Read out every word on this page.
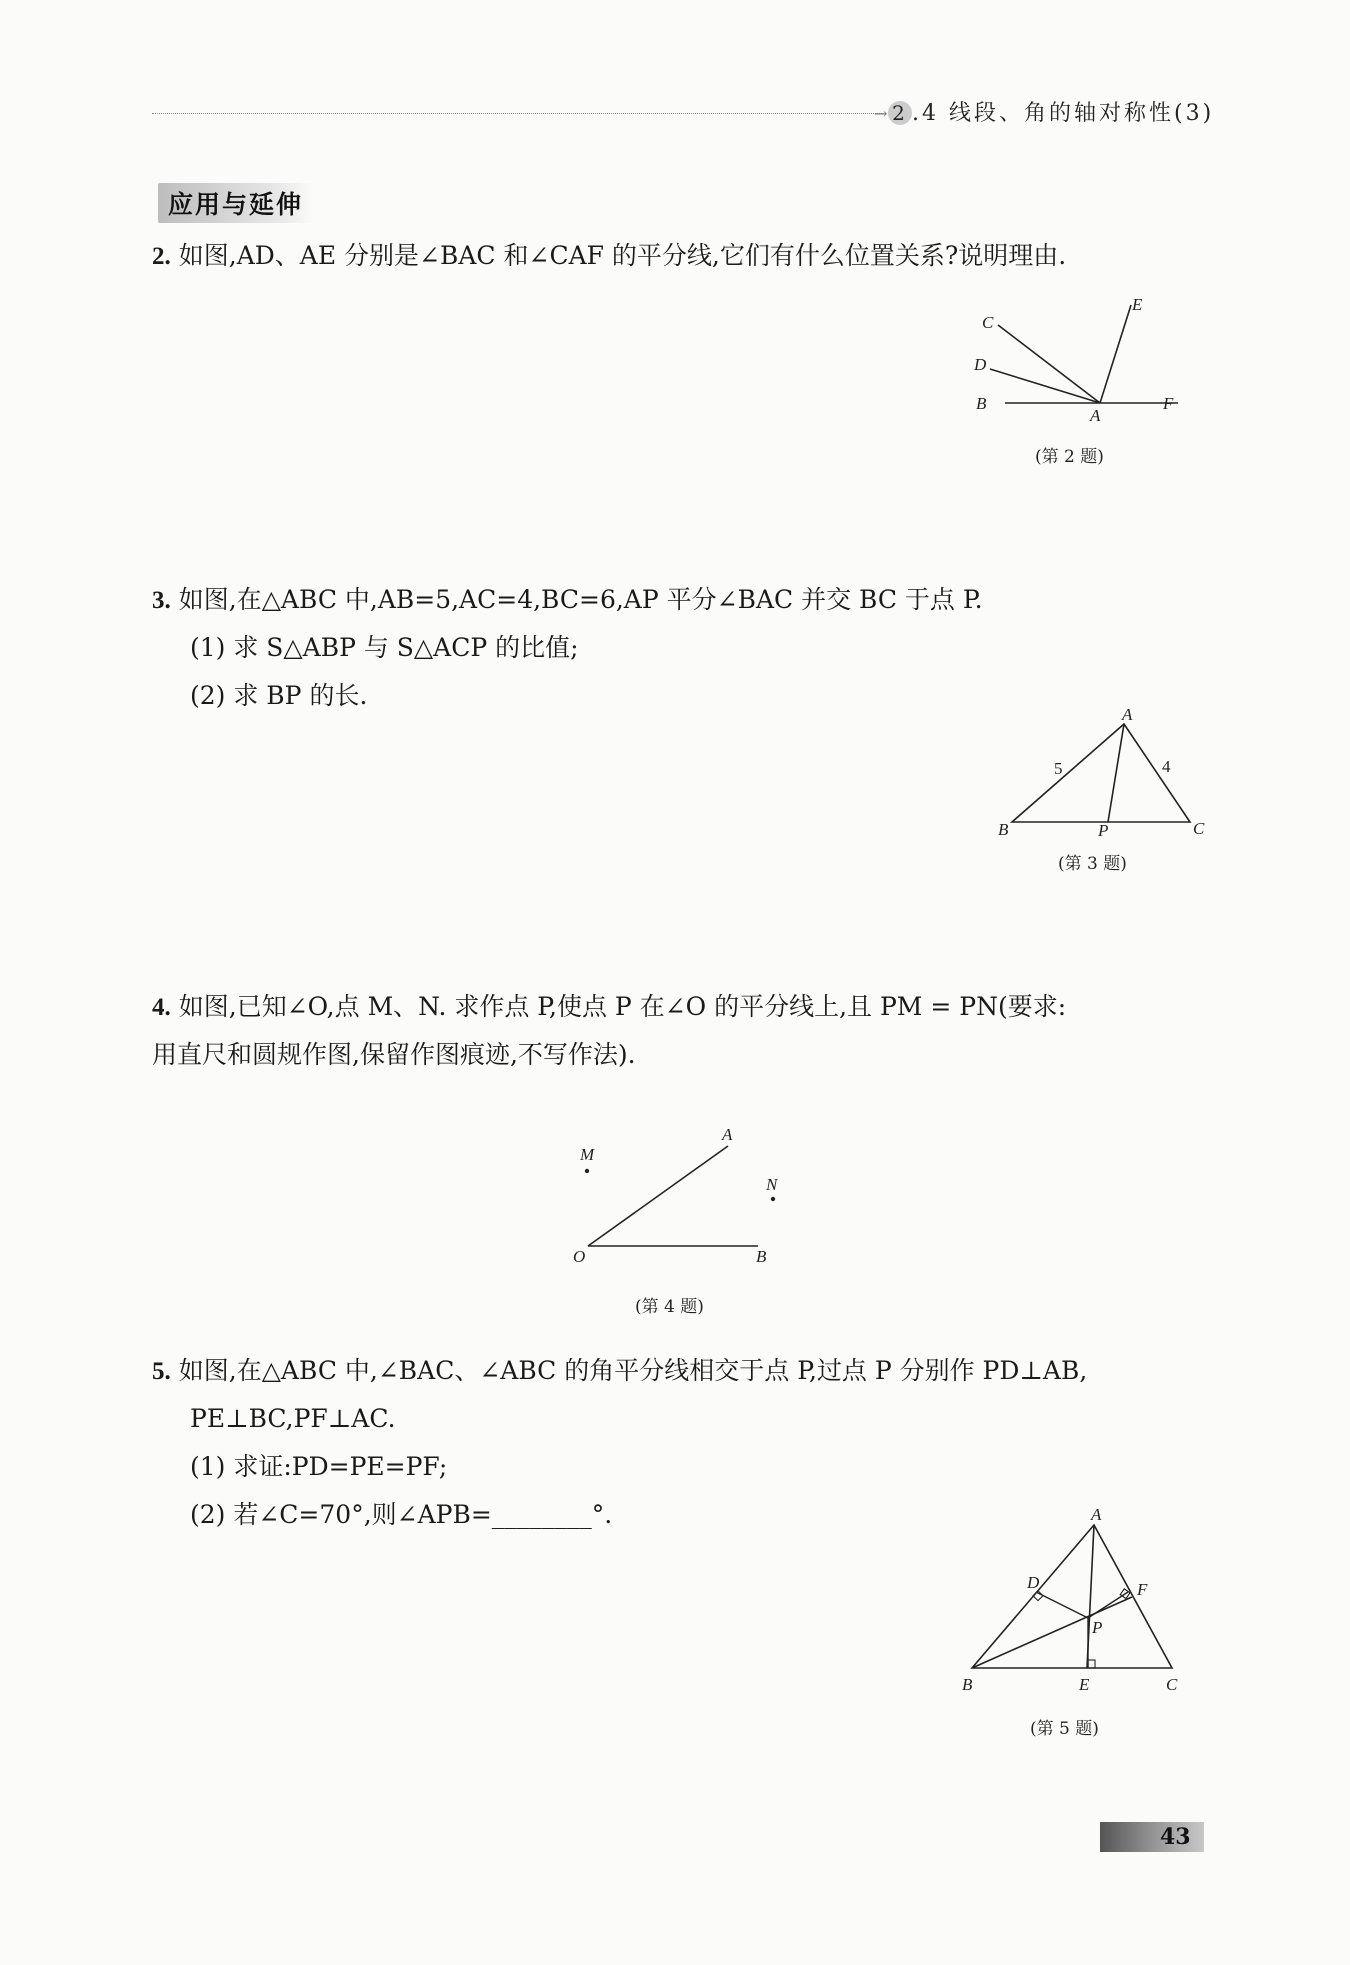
→ 2 .4 线段、角的轴对称性(3)
应用与延伸
2. 如图,AD、AE 分别是∠BAC 和∠CAF 的平分线,它们有什么位置关系?说明理由.
C
D
B
A
E
F
(第 2 题)
3. 如图,在△ABC 中,AB=5,AC=4,BC=6,AP 平分∠BAC 并交 BC 于点 P.
(1) 求 S△ABP 与 S△ACP 的比值;
(2) 求 BP 的长.
A
B	C
P
5	4
(第 3 题)
4. 如图,已知∠O,点 M、N. 求作点 P,使点 P 在∠O 的平分线上,且 PM = PN(要求:
用直尺和圆规作图,保留作图痕迹,不写作法).
M
A
N
O	B
(第 4 题)
5. 如图,在△ABC 中,∠BAC、∠ABC 的角平分线相交于点 P,过点 P 分别作 PD⊥AB,
PE⊥BC,PF⊥AC.
(1) 求证:PD=PE=PF;
(2) 若∠C=70°,则∠APB=________°.	A
B	C
D
E
F
P
(第 5 题)
43
